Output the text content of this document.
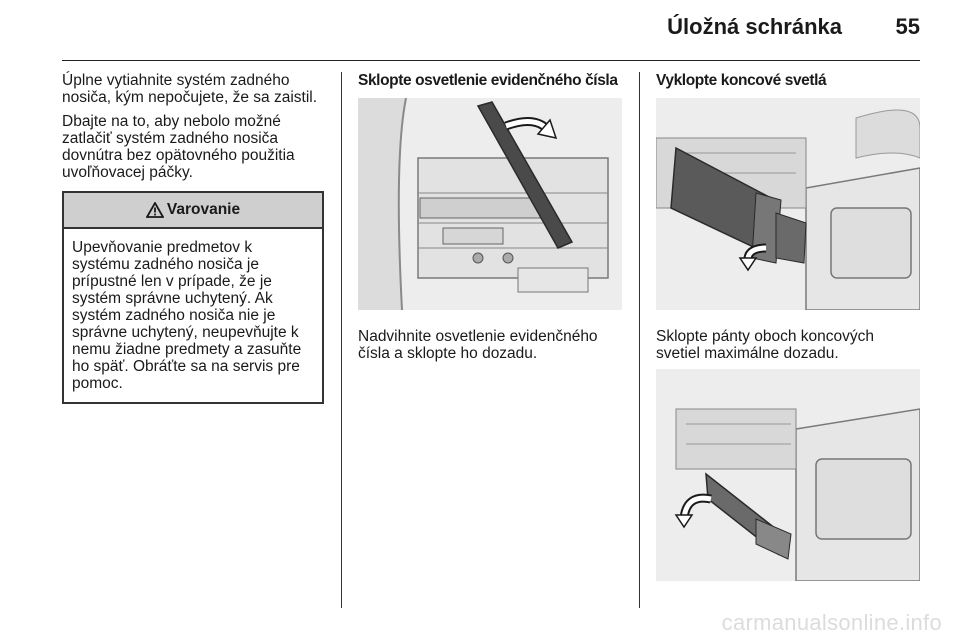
Úložná schránka 55

Úplne vytiahnite systém zadného nosiča, kým nepočujete, že sa zaistil.

Dbajte na to, aby nebolo možné zatlačiť systém zadného nosiča dovnútra bez opätovného použitia uvoľňovacej páčky.

Varovanie
Upevňovanie predmetov k systému zadného nosiča je prípustné len v prípade, že je systém správne uchytený. Ak systém zadného nosiča nie je správne uchytený, neupevňujte k nemu žiadne predmety a zasuňte ho späť. Obráťte sa na servis pre pomoc.
Sklopte osvetlenie evidenčného čísla

Nadvihnite osvetlenie evidenčného čísla a sklopte ho dozadu.

Vyklopte koncové svetlá

Sklopte pánty oboch koncových svetiel maximálne dozadu.

carmanualsonline.info
